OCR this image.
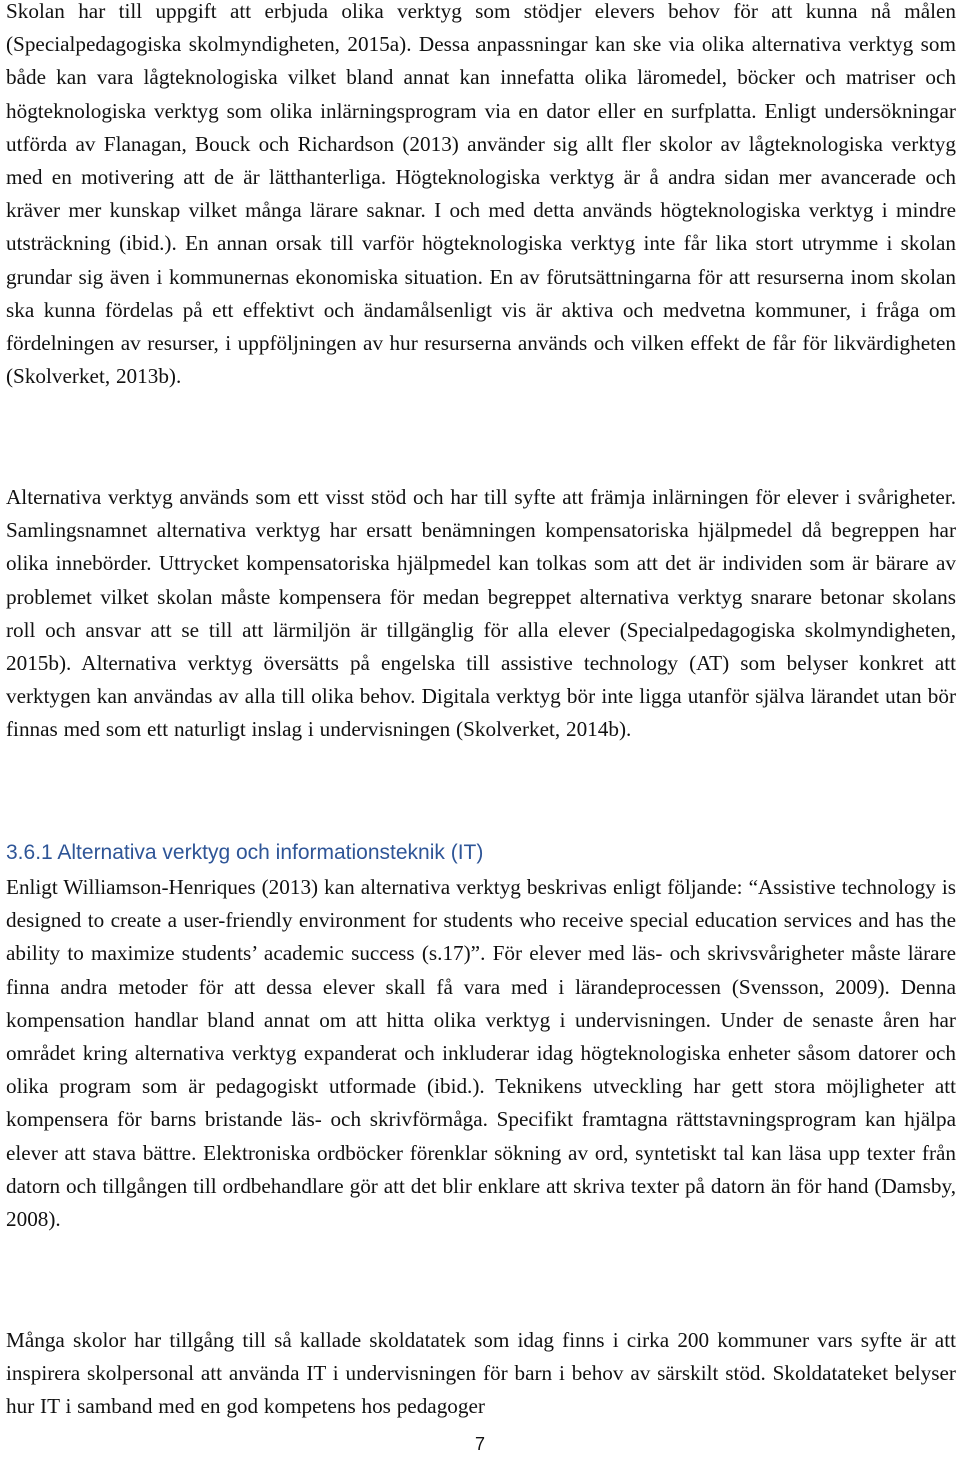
Skolan har till uppgift att erbjuda olika verktyg som stödjer elevers behov för att kunna nå målen (Specialpedagogiska skolmyndigheten, 2015a). Dessa anpassningar kan ske via olika alternativa verktyg som både kan vara lågteknologiska vilket bland annat kan innefatta olika läromedel, böcker och matriser och högteknologiska verktyg som olika inlärningsprogram via en dator eller en surfplatta. Enligt undersökningar utförda av Flanagan, Bouck och Richardson (2013) använder sig allt fler skolor av lågteknologiska verktyg med en motivering att de är lätthanterliga. Högteknologiska verktyg är å andra sidan mer avancerade och kräver mer kunskap vilket många lärare saknar. I och med detta används högteknologiska verktyg i mindre utsträckning (ibid.). En annan orsak till varför högteknologiska verktyg inte får lika stort utrymme i skolan grundar sig även i kommunernas ekonomiska situation. En av förutsättningarna för att resurserna inom skolan ska kunna fördelas på ett effektivt och ändamålsenligt vis är aktiva och medvetna kommuner, i fråga om fördelningen av resurser, i uppföljningen av hur resurserna används och vilken effekt de får för likvärdigheten (Skolverket, 2013b).

Alternativa verktyg används som ett visst stöd och har till syfte att främja inlärningen för elever i svårigheter. Samlingsnamnet alternativa verktyg har ersatt benämningen kompensatoriska hjälpmedel då begreppen har olika innebörder. Uttrycket kompensatoriska hjälpmedel kan tolkas som att det är individen som är bärare av problemet vilket skolan måste kompensera för medan begreppet alternativa verktyg snarare betonar skolans roll och ansvar att se till att lärmiljön är tillgänglig för alla elever (Specialpedagogiska skolmyndigheten, 2015b). Alternativa verktyg översätts på engelska till assistive technology (AT) som belyser konkret att verktygen kan användas av alla till olika behov. Digitala verktyg bör inte ligga utanför själva lärandet utan bör finnas med som ett naturligt inslag i undervisningen (Skolverket, 2014b).

3.6.1 Alternativa verktyg och informationsteknik (IT)

Enligt Williamson-Henriques (2013) kan alternativa verktyg beskrivas enligt följande: “Assistive technology is designed to create a user-friendly environment for students who receive special education services and has the ability to maximize students’ academic success (s.17)”. För elever med läs- och skrivsvårigheter måste lärare finna andra metoder för att dessa elever skall få vara med i lärandeprocessen (Svensson, 2009). Denna kompensation handlar bland annat om att hitta olika verktyg i undervisningen. Under de senaste åren har området kring alternativa verktyg expanderat och inkluderar idag högteknologiska enheter såsom datorer och olika program som är pedagogiskt utformade (ibid.). Teknikens utveckling har gett stora möjligheter att kompensera för barns bristande läs- och skrivförmåga. Specifikt framtagna rättstavningsprogram kan hjälpa elever att stava bättre. Elektroniska ordböcker förenklar sökning av ord, syntetiskt tal kan läsa upp texter från datorn och tillgången till ordbehandlare gör att det blir enklare att skriva texter på datorn än för hand (Damsby, 2008).

Många skolor har tillgång till så kallade skoldatatek som idag finns i cirka 200 kommuner vars syfte är att inspirera skolpersonal att använda IT i undervisningen för barn i behov av särskilt stöd. Skoldatateket belyser hur IT i samband med en god kompetens hos pedagoger

7
